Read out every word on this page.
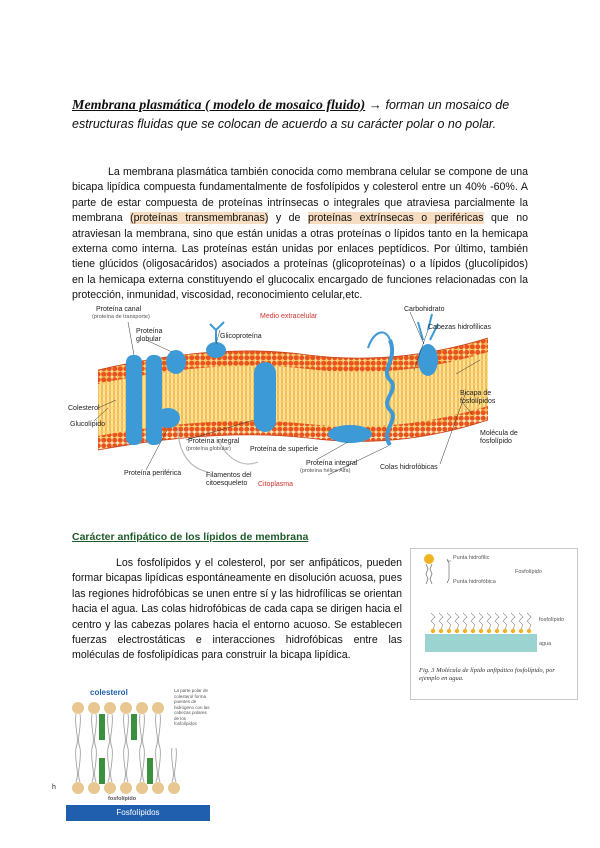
Membrana plasmática ( modelo de mosaico fluido) → forman un mosaico de estructuras fluidas que se colocan de acuerdo a su carácter polar o no polar.

La membrana plasmática también conocida como membrana celular se compone de una bicapa lipídica compuesta fundamentalmente de fosfolípidos y colesterol entre un 40% -60%. A parte de estar compuesta de proteínas intrínsecas o integrales que atraviesa parcialmente la membrana (proteínas transmembranas) y de proteínas extrínsecas o periféricas que no atraviesan la membrana, sino que están unidas a otras proteínas o lípidos tanto en la hemicapa externa como interna. Las proteínas están unidas por enlaces peptídicos. Por último, también tiene glúcidos (oligosacáridos) asociados a proteínas (glicoproteínas) o a lípidos (glucolípidos) en la hemicapa externa constituyendo el glucocalix encargado de funciones relacionadas con la protección, inmunidad, viscosidad, reconocimiento celular,etc.

Proteína canal
(proteína de transporte)
Proteína globular	Glicoproteína
Medio extracelular
Carbohidrato
Cabezas hidrofílicas
Bicapa de fosfolípidos
Molécula de fosfolípido
Colas hidrofóbicas
Colesterol
Glucolípido
Proteína integral
(proteína globular)	Proteína de superficie
Proteína integral
(proteína hélice Alfa)
Proteína periférica	Filamentos del citoesqueleto	Citoplasma
Carácter anfipático de los lípidos de membrana

Los fosfolípidos y el colesterol, por ser anfipáticos, pueden formar bicapas lipídicas espontáneamente en disolución acuosa, pues las regiones hidrofóbicas se unen entre sí y las hidrofílicas se orientan hacia el agua. Las colas hidrofóbicas de cada capa se dirigen hacia el centro y las cabezas polares hacia el entorno acuoso. Se establecen fuerzas electrostáticas e interacciones hidrofóbicas entre las moléculas de fosfolipídicas para construir la bicapa lipídica.

Punta hidrofílic
Punta hidrofóbica
Fosfolípido
fosfolípido
agua
Fig. 3 Molécula de lípido anfipático fosfolípido, por ejemplo en agua.
colesterol	La parte polar de colesterol forma puentes de hidrógeno con las cabezas polares de los fosfolípidos
h
fosfolípido
Fosfolípidos
